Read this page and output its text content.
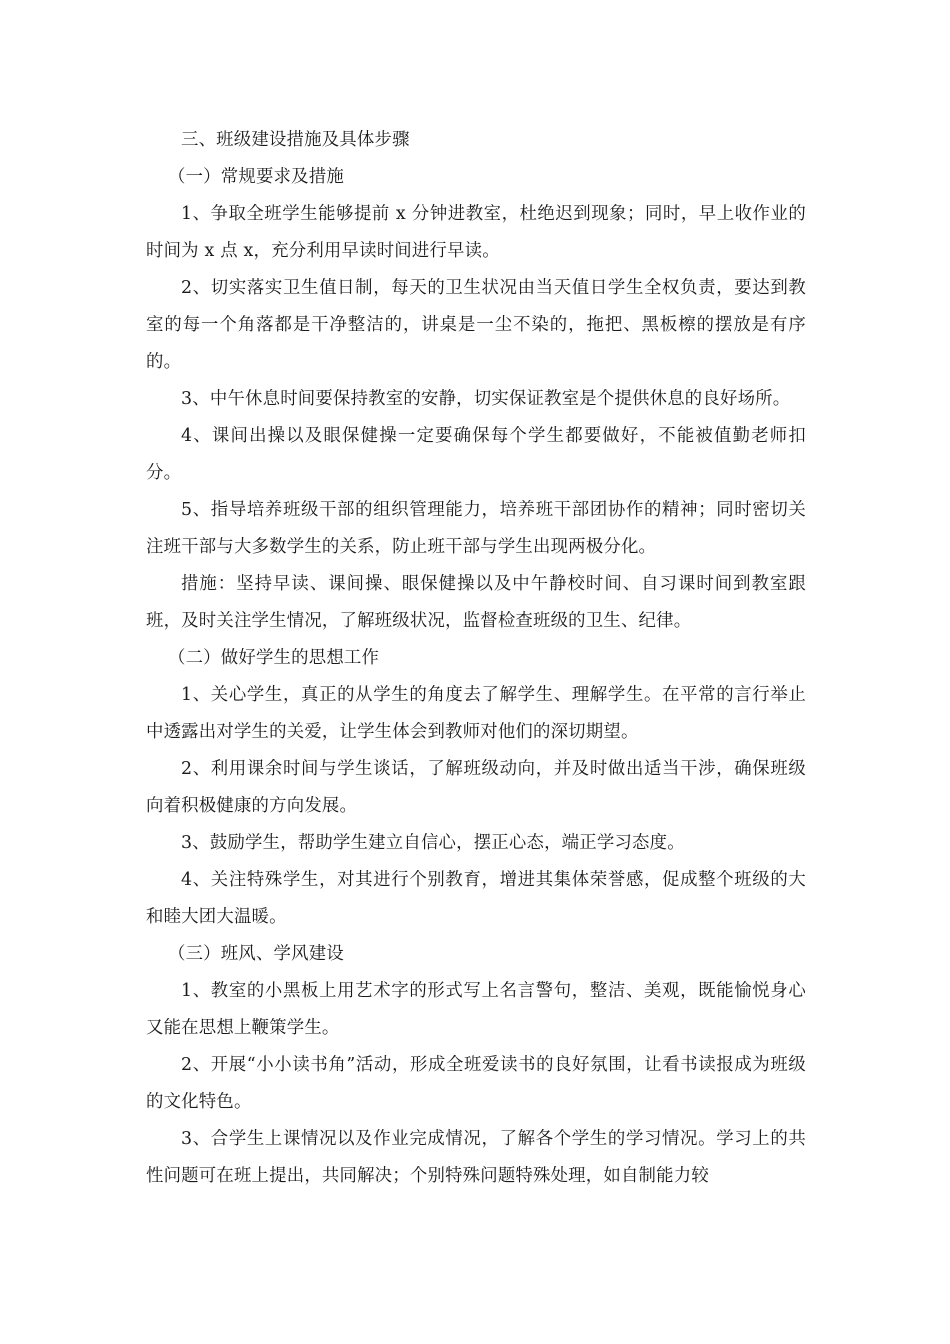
三、班级建设措施及具体步骤

（一）常规要求及措施

1、争取全班学生能够提前 x 分钟进教室，杜绝迟到现象；同时，早上收作业的时间为 x 点 x，充分利用早读时间进行早读。

2、切实落实卫生值日制，每天的卫生状况由当天值日学生全权负责，要达到教室的每一个角落都是干净整洁的，讲桌是一尘不染的，拖把、黑板檫的摆放是有序的。

3、中午休息时间要保持教室的安静，切实保证教室是个提供休息的良好场所。

4、课间出操以及眼保健操一定要确保每个学生都要做好，不能被值勤老师扣分。

5、指导培养班级干部的组织管理能力，培养班干部团协作的精神；同时密切关注班干部与大多数学生的关系，防止班干部与学生出现两极分化。

措施：坚持早读、课间操、眼保健操以及中午静校时间、自习课时间到教室跟班，及时关注学生情况，了解班级状况，监督检查班级的卫生、纪律。

（二）做好学生的思想工作

1、关心学生，真正的从学生的角度去了解学生、理解学生。在平常的言行举止中透露出对学生的关爱，让学生体会到教师对他们的深切期望。

2、利用课余时间与学生谈话，了解班级动向，并及时做出适当干涉，确保班级向着积极健康的方向发展。

3、鼓励学生，帮助学生建立自信心，摆正心态，端正学习态度。

4、关注特殊学生，对其进行个别教育，增进其集体荣誉感，促成整个班级的大和睦大团大温暖。

（三）班风、学风建设

1、教室的小黑板上用艺术字的形式写上名言警句，整洁、美观，既能愉悦身心又能在思想上鞭策学生。

2、开展“小小读书角”活动，形成全班爱读书的良好氛围，让看书读报成为班级的文化特色。

3、合学生上课情况以及作业完成情况，了解各个学生的学习情况。学习上的共性问题可在班上提出，共同解决；个别特殊问题特殊处理，如自制能力较
